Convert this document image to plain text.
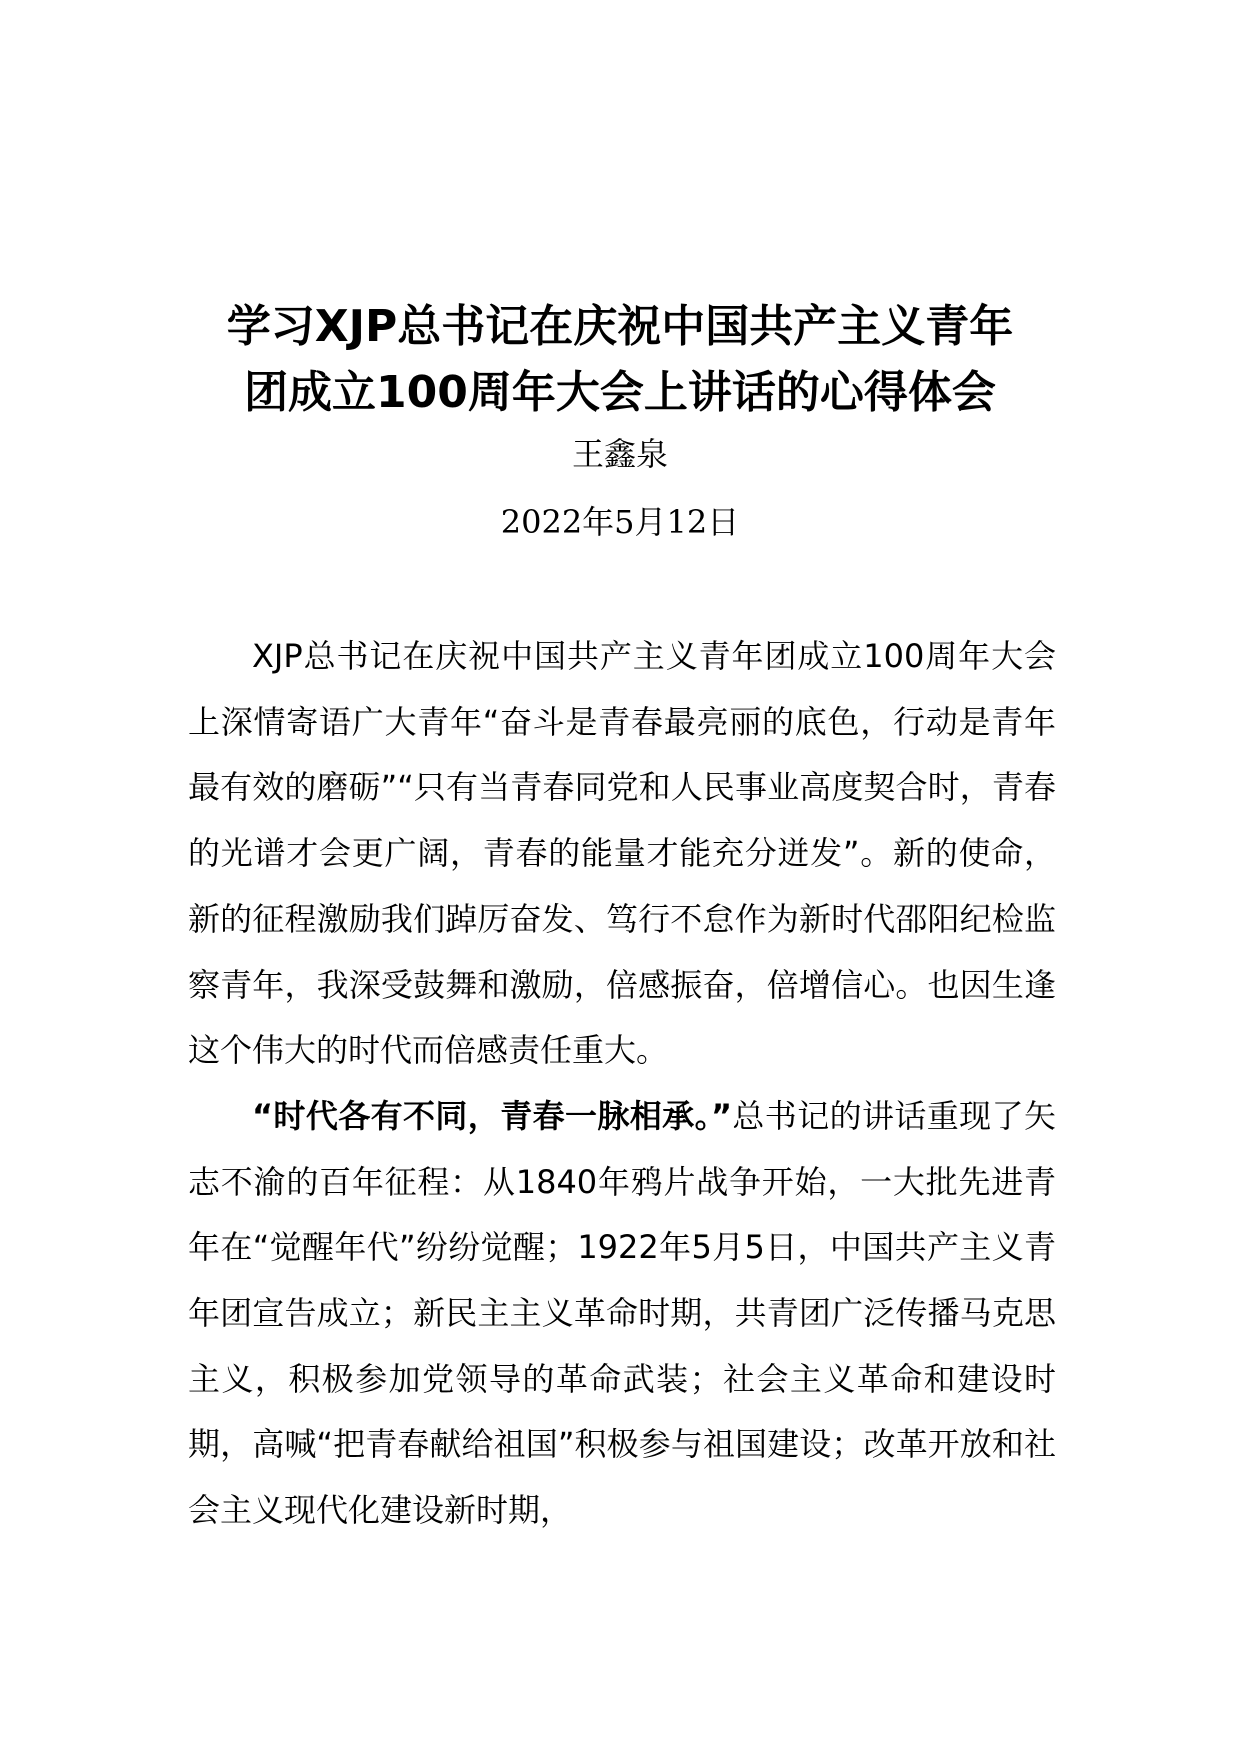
学习XJP总书记在庆祝中国共产主义青年
团成立100周年大会上讲话的心得体会
王鑫泉
2022年5月12日

XJP总书记在庆祝中国共产主义青年团成立100周年大会上深情寄语广大青年“奋斗是青春最亮丽的底色，行动是青年最有效的磨砺”“只有当青春同党和人民事业高度契合时，青春的光谱才会更广阔，青春的能量才能充分迸发”。新的使命，新的征程激励我们踔厉奋发、笃行不怠作为新时代邵阳纪检监察青年，我深受鼓舞和激励，倍感振奋，倍增信心。也因生逢这个伟大的时代而倍感责任重大。

“时代各有不同，青春一脉相承。”总书记的讲话重现了矢志不渝的百年征程：从1840年鸦片战争开始，一大批先进青年在“觉醒年代”纷纷觉醒；1922年5月5日，中国共产主义青年团宣告成立；新民主主义革命时期，共青团广泛传播马克思主义，积极参加党领导的革命武装；社会主义革命和建设时期，高喊“把青春献给祖国”积极参与祖国建设；改革开放和社会主义现代化建设新时期，
